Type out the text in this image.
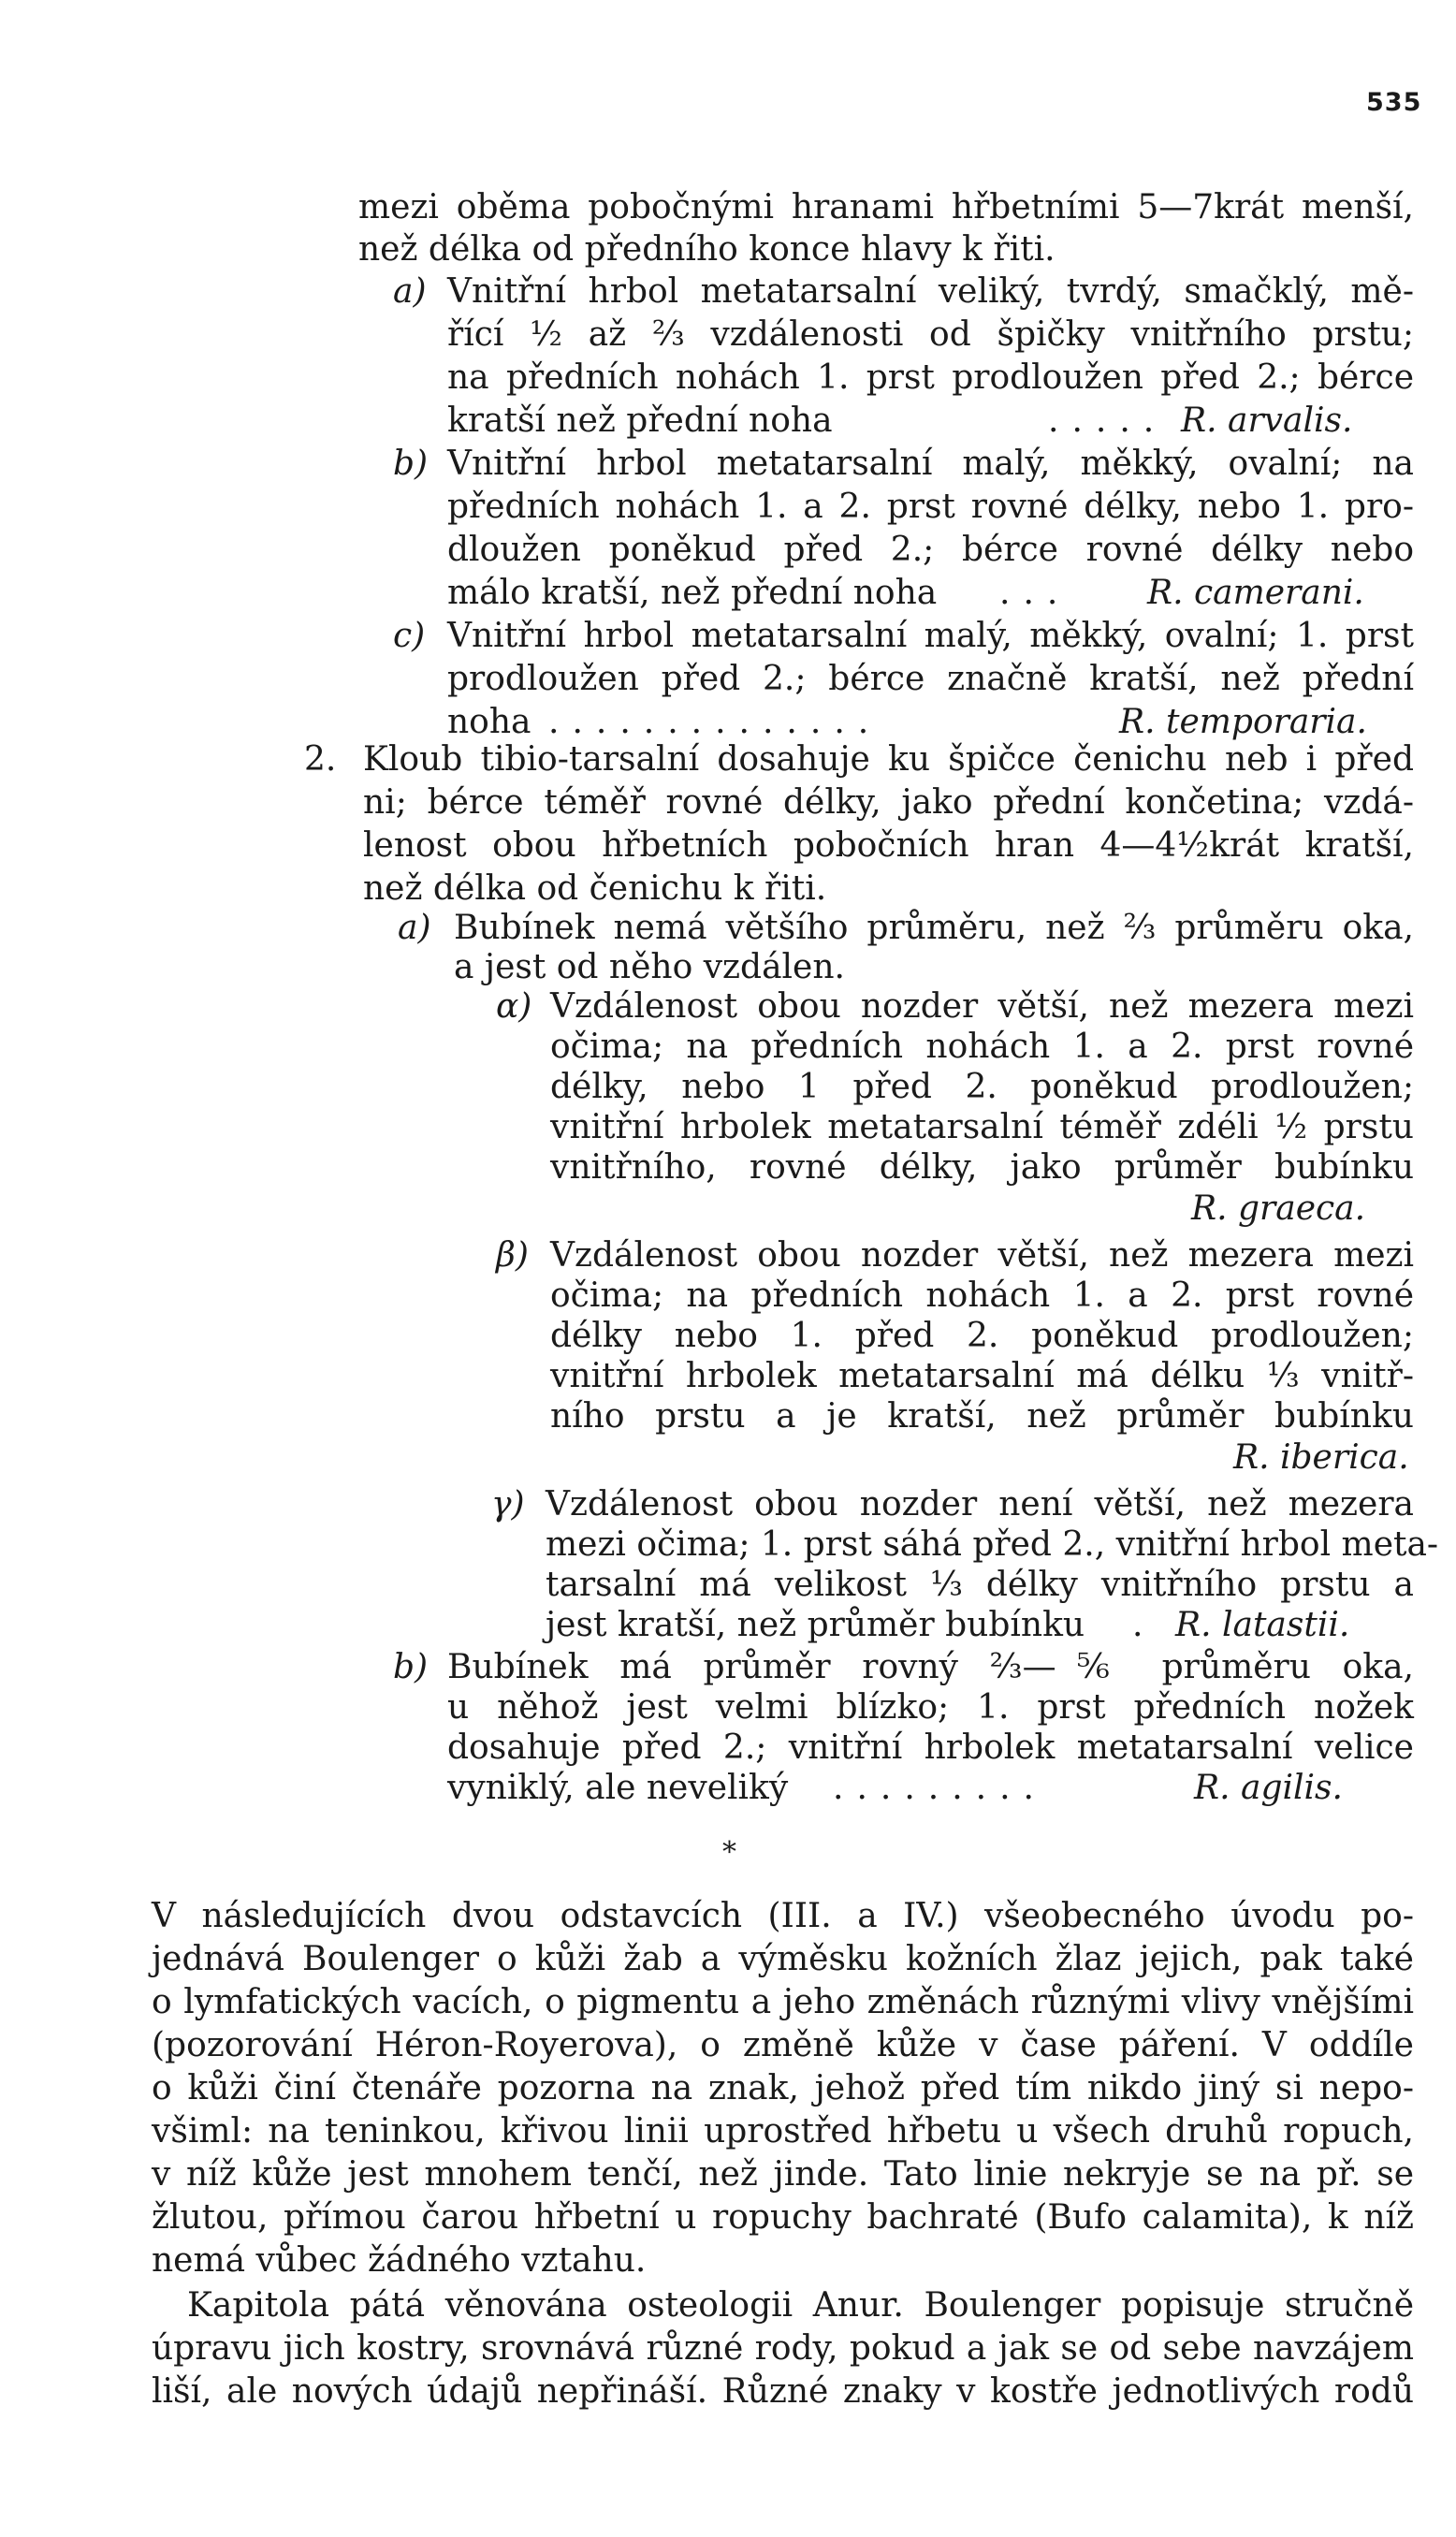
535
mezi oběma pobočnými hranami hřbetními 5—7krát menší,
než délka od předního konce hlavy k řiti.
a) Vnitřní hrbol metatarsalní veliký, tvrdý, smačklý, mě-
řící ½ až ⅔ vzdálenosti od špičky vnitřního prstu;
na předních nohách 1. prst prodloužen před 2.; bérce
kratší než přední noha	..... R. arvalis.
b) Vnitřní hrbol metatarsalní malý, měkký, ovalní; na
předních nohách 1. a 2. prst rovné délky, nebo 1. pro-
dloužen poněkud před 2.; bérce rovné délky nebo
málo kratší, než přední noha ... R. camerani.
c) Vnitřní hrbol metatarsalní malý, měkký, ovalní; 1. prst
prodloužen před 2.; bérce značně kratší, než přední
noha ..............	R. temporaria.
2. Kloub tibio-tarsalní dosahuje ku špičce čenichu neb i před
ni; bérce téměř rovné délky, jako přední končetina; vzdá-
lenost obou hřbetních pobočních hran 4—4½krát kratší,
než délka od čenichu k řiti.
a) Bubínek nemá většího průměru, než ⅔ průměru oka,
a jest od něho vzdálen.
α) Vzdálenost obou nozder větší, než mezera mezi
očima; na předních nohách 1. a 2. prst rovné
délky, nebo 1 před 2. poněkud prodloužen;
vnitřní hrbolek metatarsalní téměř zdéli ½ prstu
vnitřního, rovné délky, jako průměr bubínku
R. graeca.
β) Vzdálenost obou nozder větší, než mezera mezi
očima; na předních nohách 1. a 2. prst rovné
délky nebo 1. před 2. poněkud prodloužen;
vnitřní hrbolek metatarsalní má délku ⅓ vnitř-
ního prstu a je kratší, než průměr bubínku
R. iberica.
γ) Vzdálenost obou nozder není větší, než mezera
mezi očima; 1. prst sáhá před 2., vnitřní hrbol meta-
tarsalní má velikost ⅓ délky vnitřního prstu a
jest kratší, než průměr bubínku . R. latastii.
b) Bubínek má průměr rovný ⅔—⅚ průměru oka,
u něhož jest velmi blízko; 1. prst předních nožek
dosahuje před 2.; vnitřní hrbolek metatarsalní velice
vyniklý, ale neveliký .........	R. agilis.
*
V následujících dvou odstavcích (III. a IV.) všeobecného úvodu po-
jednává Boulenger o kůži žab a výměsku kožních žlaz jejich, pak také
o lymfatických vacích, o pigmentu a jeho změnách různými vlivy vnějšími
(pozorování Héron-Royerova), o změně kůže v čase páření. V oddíle
o kůži činí čtenáře pozorna na znak, jehož před tím nikdo jiný si nepo-
všiml: na teninkou, křivou linii uprostřed hřbetu u všech druhů ropuch,
v níž kůže jest mnohem tenčí, než jinde. Tato linie nekryje se na př. se
žlutou, přímou čarou hřbetní u ropuchy bachraté (Bufo calamita), k níž
nemá vůbec žádného vztahu.
Kapitola pátá věnována osteologii Anur. Boulenger popisuje stručně
úpravu jich kostry, srovnává různé rody, pokud a jak se od sebe navzájem
liší, ale nových údajů nepřináší. Různé znaky v kostře jednotlivých rodů
